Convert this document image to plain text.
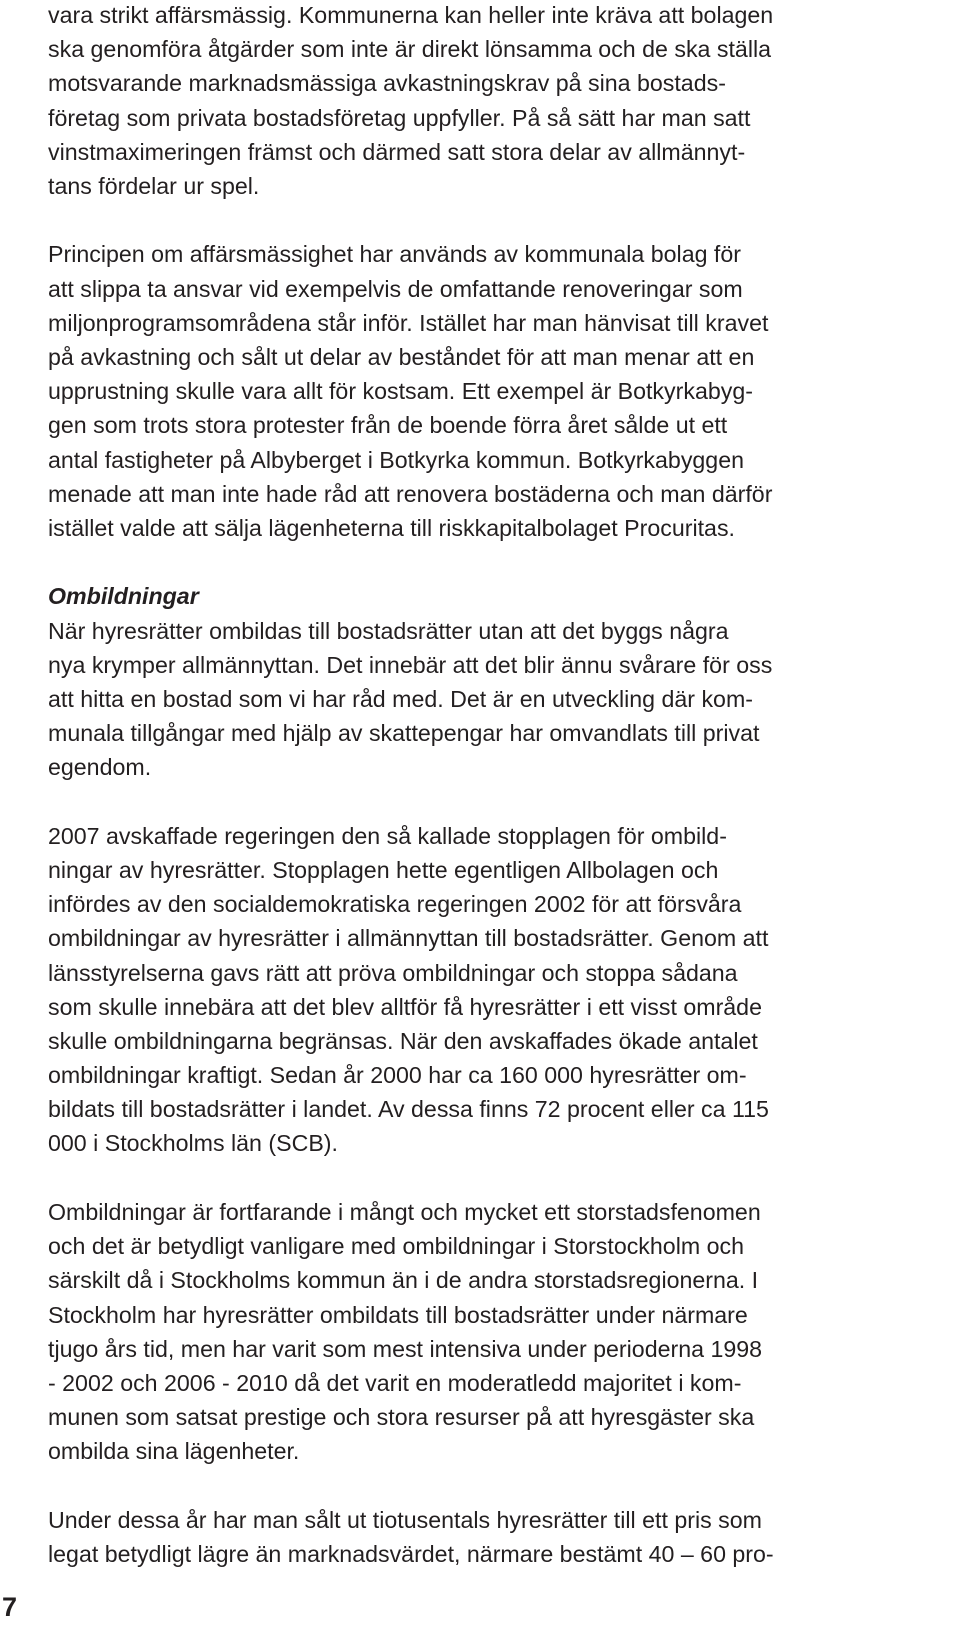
vara strikt affärsmässig. Kommunerna kan heller inte kräva att bolagen
ska genomföra åtgärder som inte är direkt lönsamma och de ska ställa
motsvarande marknadsmässiga avkastningskrav på sina bostads-
företag som privata bostadsföretag uppfyller. På så sätt har man satt
vinstmaximeringen främst och därmed satt stora delar av allmännyt-
tans fördelar ur spel.
Principen om affärsmässighet har används av kommunala bolag för
att slippa ta ansvar vid exempelvis de omfattande renoveringar som
miljonprogramsområdena står inför. Istället har man hänvisat till kravet
på avkastning och sålt ut delar av beståndet för att man menar att en
upprustning skulle vara allt för kostsam. Ett exempel är Botkyrkabyg-
gen som trots stora protester från de boende förra året sålde ut ett
antal fastigheter på Albyberget i Botkyrka kommun. Botkyrkabyggen
menade att man inte hade råd att renovera bostäderna och man därför
istället valde att sälja lägenheterna till riskkapitalbolaget Procuritas.
Ombildningar
När hyresrätter ombildas till bostadsrätter utan att det byggs några
nya krymper allmännyttan. Det innebär att det blir ännu svårare för oss
att hitta en bostad som vi har råd med. Det är en utveckling där kom-
munala tillgångar med hjälp av skattepengar har omvandlats till privat
egendom.
2007 avskaffade regeringen den så kallade stopplagen för ombild-
ningar av hyresrätter. Stopplagen hette egentligen Allbolagen och
infördes av den socialdemokratiska regeringen 2002 för att försvåra
ombildningar av hyresrätter i allmännyttan till bostadsrätter. Genom att
länsstyrelserna gavs rätt att pröva ombildningar och stoppa sådana
som skulle innebära att det blev alltför få hyresrätter i ett visst område
skulle ombildningarna begränsas. När den avskaffades ökade antalet
ombildningar kraftigt. Sedan år 2000 har ca 160 000 hyresrätter om-
bildats till bostadsrätter i landet. Av dessa finns 72 procent eller ca 115
000 i Stockholms län (SCB).
Ombildningar är fortfarande i mångt och mycket ett storstadsfenomen
och det är betydligt vanligare med ombildningar i Storstockholm och
särskilt då i Stockholms kommun än i de andra storstadsregionerna. I
Stockholm har hyresrätter ombildats till bostadsrätter under närmare
tjugo års tid, men har varit som mest intensiva under perioderna 1998
- 2002 och 2006 - 2010 då det varit en moderatledd majoritet i kom-
munen som satsat prestige och stora resurser på att hyresgäster ska
ombilda sina lägenheter.
Under dessa år har man sålt ut tiotusentals hyresrätter till ett pris som
legat betydligt lägre än marknadsvärdet, närmare bestämt 40 – 60 pro-
7
